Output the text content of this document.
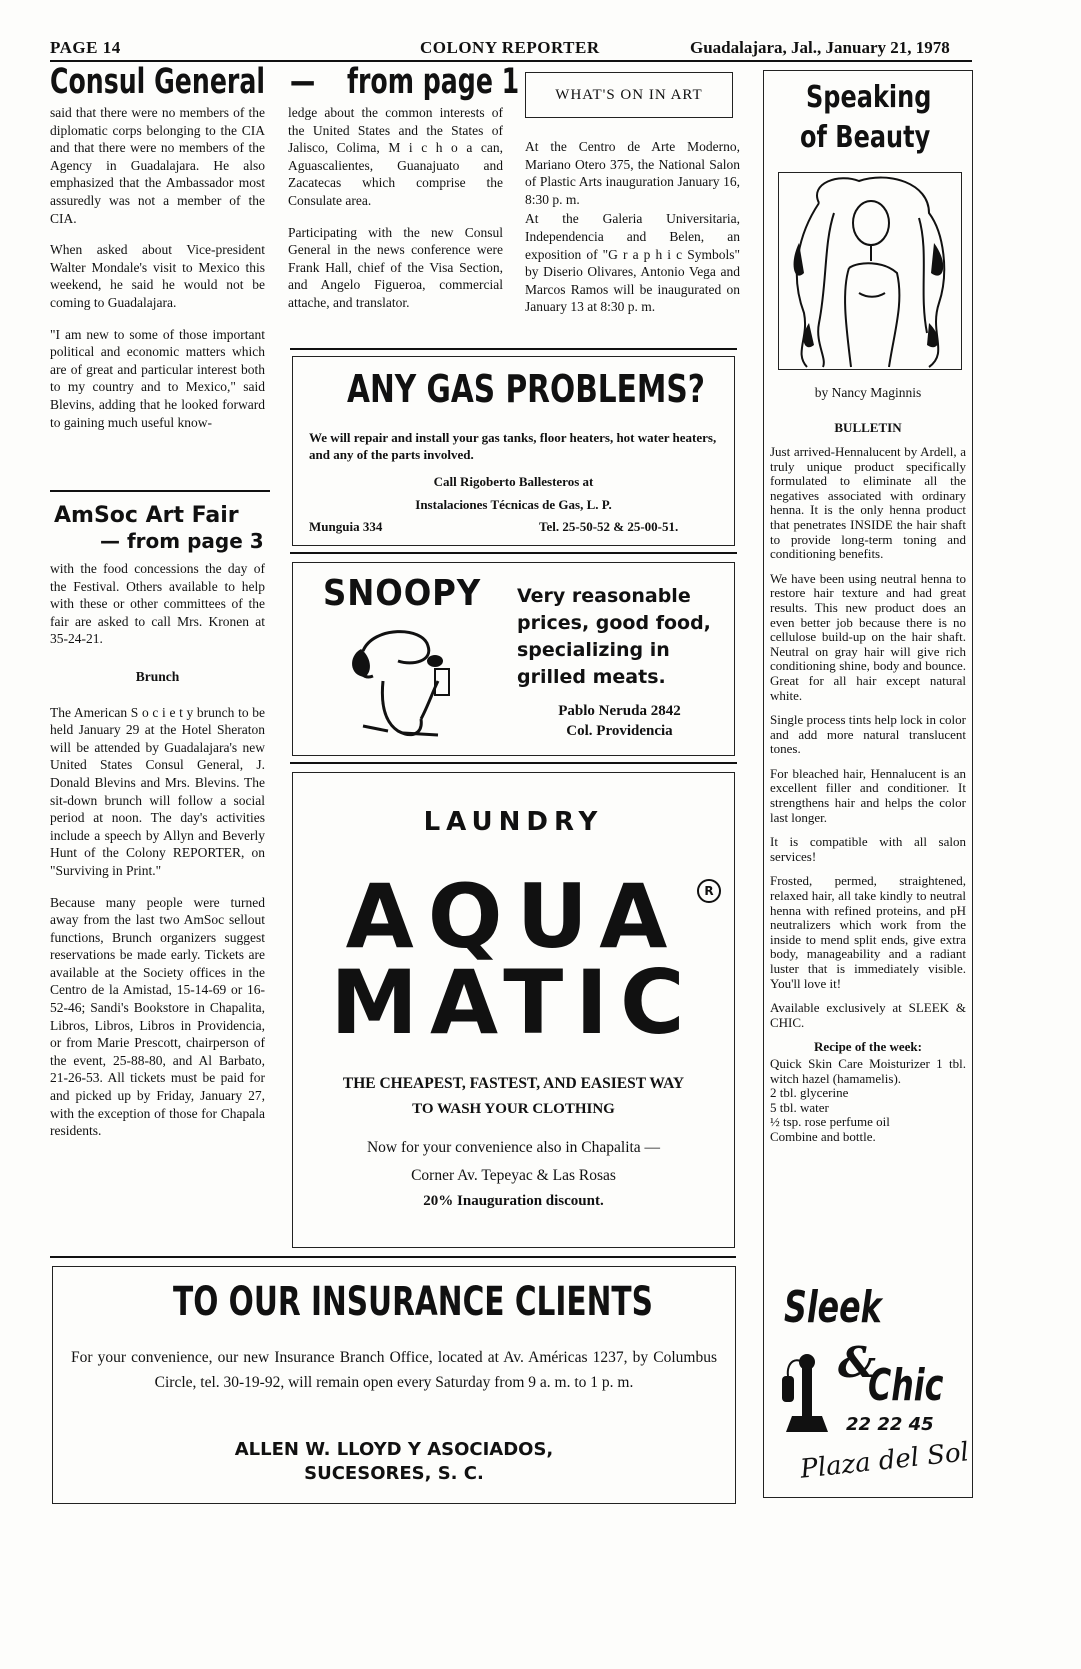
PAGE 14	COLONY REPORTER	Guadalajara, Jal., January 21, 1978
Consul General — from page 1

said that there were no members of the diplomatic corps belonging to the CIA and that there were no members of the Agency in Guadalajara. He also emphasized that the Ambassador most assuredly was not a member of the CIA.

When asked about Vice-president Walter Mondale's visit to Mexico this weekend, he said he would not be coming to Guadalajara.

"I am new to some of those important political and economic matters which are of great and particular interest both to my country and to Mexico," said Blevins, adding that he looked forward to gaining much useful know-

ledge about the common interests of the United States and the States of Jalisco, Colima, M i c h o a can, Aguascalientes, Guanajuato and Zacatecas which comprise the Consulate area.

Participating with the new Consul General in the news conference were Frank Hall, chief of the Visa Section, and Angelo Figueroa, commercial attache, and translator.

WHAT'S ON IN ART

At the Centro de Arte Moderno, Mariano Otero 375, the National Salon of Plastic Arts inauguration January 16, 8:30 p. m.

At the Galeria Universitaria, Independencia and Belen, an exposition of "G r a p h i c Symbols" by Diserio Olivares, Antonio Vega and Marcos Ramos will be inaugurated on January 13 at 8:30 p. m.

ANY GAS PROBLEMS?
We will repair and install your gas tanks, floor heaters, hot water heaters, and any of the parts involved.
Call Rigoberto Ballesteros at
Instalaciones Técnicas de Gas, L. P.
Munguia 334	Tel. 25-50-52 & 25-00-51.
SNOOPY Very reasonable prices, good food, specializing in grilled meats.
Pablo Neruda 2842
Col. Providencia
LAUNDRY
AQUA
MATIC
R
THE CHEAPEST, FASTEST, AND EASIEST WAY
TO WASH YOUR CLOTHING
Now for your convenience also in Chapalita —
Corner Av. Tepeyac & Las Rosas
20% Inauguration discount.
AmSoc Art Fair
— from page 3

with the food concessions the day of the Festival. Others available to help with these or other committees of the fair are asked to call Mrs. Kronen at 35-24-21.

Brunch

The American S o c i e t y brunch to be held January 29 at the Hotel Sheraton will be attended by Guadalajara's new United States Consul General, J. Donald Blevins and Mrs. Blevins. The sit-down brunch will follow a social period at noon. The day's activities include a speech by Allyn and Beverly Hunt of the Colony REPORTER, on "Surviving in Print."

Because many people were turned away from the last two AmSoc sellout functions, Brunch organizers suggest reservations be made early. Tickets are available at the Society offices in the Centro de la Amistad, 15-14-69 or 16-52-46; Sandi's Bookstore in Chapalita, Libros, Libros, Libros in Providencia, or from Marie Prescott, chairperson of the event, 25-88-80, and Al Barbato, 21-26-53. All tickets must be paid for and picked up by Friday, January 27, with the exception of those for Chapala residents.

TO OUR INSURANCE CLIENTS
For your convenience, our new Insurance Branch Office, located at Av. Américas 1237, by Columbus Circle, tel. 30-19-92, will remain open every Saturday from 9 a. m. to 1 p. m.
ALLEN W. LLOYD Y ASOCIADOS,
SUCESORES, S. C.
Speaking
of Beauty
by Nancy Maginnis
BULLETIN

Just arrived-Hennalucent by Ardell, a truly unique product specifically formulated to eliminate all the negatives associated with ordinary henna. It is the only henna product that penetrates INSIDE the hair shaft to provide long-term toning and conditioning benefits.

We have been using neutral henna to restore hair texture and had great results. This new product does an even better job because there is no cellulose build-up on the hair shaft. Neutral on gray hair will give rich conditioning shine, body and bounce. Great for all hair except natural white.

Single process tints help lock in color and add more natural translucent tones.

For bleached hair, Hennalucent is an excellent filler and conditioner. It strengthens hair and helps the color last longer.

It is compatible with all salon services!

Frosted, permed, straightened, relaxed hair, all take kindly to neutral henna with refined proteins, and pH neutralizers which work from the inside to mend split ends, give extra body, manageability and a radiant luster that is immediately visible. You'll love it!

Available exclusively at SLEEK & CHIC.

Recipe of the week:

Quick Skin Care Moisturizer 1 tbl. witch hazel (hamamelis).

2 tbl. glycerine

5 tbl. water

½ tsp. rose perfume oil

Combine and bottle.

Sleek
&
Chic
22 22 45
Plaza del Sol
